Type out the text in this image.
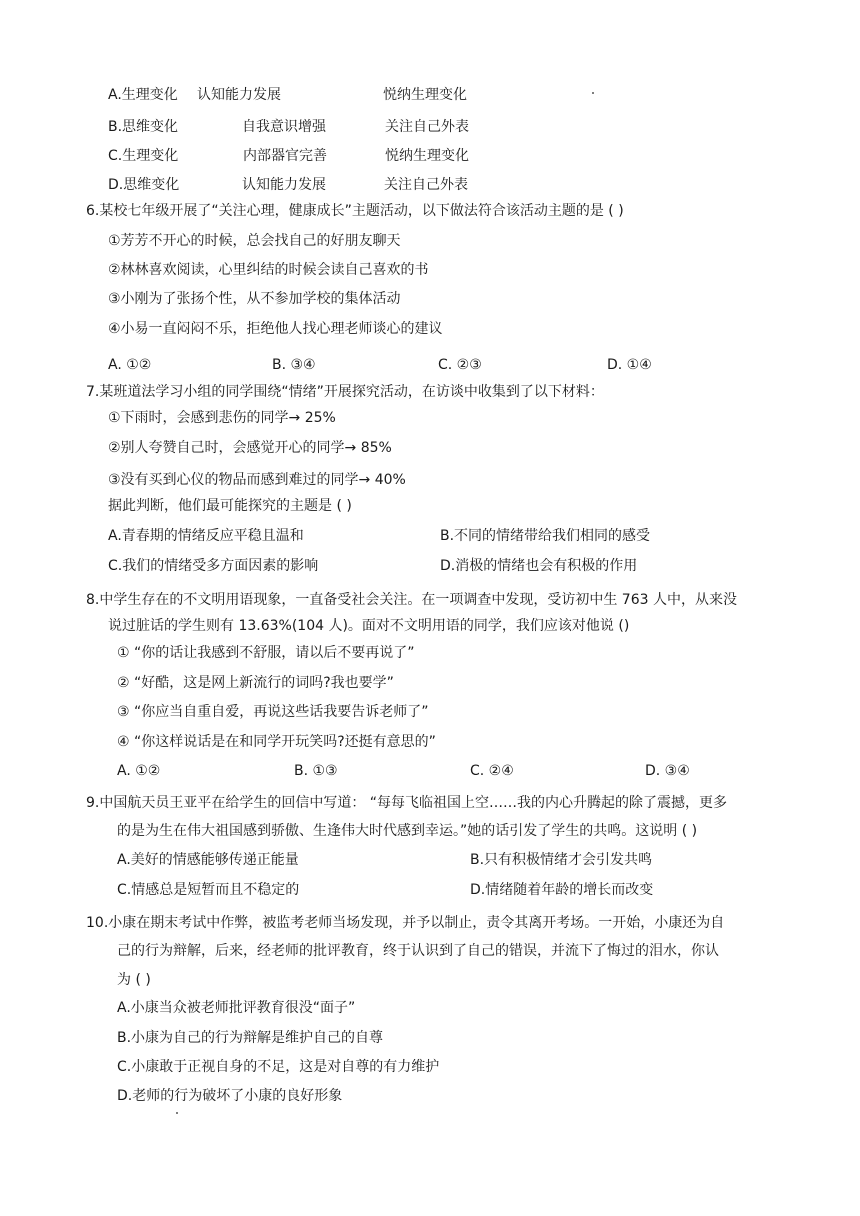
A.生理变化 认知能力发展	悦纳生理变化
B.思维变化	自我意识增强	关注自己外表
C.生理变化	内部器官完善	悦纳生理变化
D.思维变化	认知能力发展	关注自己外表
6.某校七年级开展了“关注心理，健康成长”主题活动，以下做法符合该活动主题的是 ( )
①芳芳不开心的时候，总会找自己的好朋友聊天
②林林喜欢阅读，心里纠结的时候会读自己喜欢的书
③小刚为了张扬个性，从不参加学校的集体活动
④小易一直闷闷不乐，拒绝他人找心理老师谈心的建议
A. ①②	B. ③④	C. ②③	D. ①④
7.某班道法学习小组的同学围绕“情绪”开展探究活动，在访谈中收集到了以下材料：
①下雨时，会感到悲伤的同学→ 25%
②别人夸赞自己时，会感觉开心的同学→ 85%
③没有买到心仪的物品而感到难过的同学→ 40%
据此判断，他们最可能探究的主题是 ( )
A.青春期的情绪反应平稳且温和	B.不同的情绪带给我们相同的感受
C.我们的情绪受多方面因素的影响	D.消极的情绪也会有积极的作用
8.中学生存在的不文明用语现象，一直备受社会关注。在一项调查中发现，受访初中生 763 人中，从来没
说过脏话的学生则有 13.63%(104 人)。面对不文明用语的同学，我们应该对他说 ()
① “你的话让我感到不舒服，请以后不要再说了”
② “好酷，这是网上新流行的词吗?我也要学”
③ “你应当自重自爱，再说这些话我要告诉老师了”
④ “你这样说话是在和同学开玩笑吗?还挺有意思的”
A. ①②	B. ①③	C. ②④	D. ③④
9.中国航天员王亚平在给学生的回信中写道： “每每飞临祖国上空……我的内心升腾起的除了震撼，更多
的是为生在伟大祖国感到骄傲、生逢伟大时代感到幸运。”她的话引发了学生的共鸣。这说明 ( )
A.美好的情感能够传递正能量	B.只有积极情绪才会引发共鸣
C.情感总是短暂而且不稳定的	D.情绪随着年龄的增长而改变
10.小康在期末考试中作弊，被监考老师当场发现，并予以制止，责令其离开考场。一开始，小康还为自
己的行为辩解，后来，经老师的批评教育，终于认识到了自己的错误，并流下了悔过的泪水，你认
为 ( )
A.小康当众被老师批评教育很没“面子”
B.小康为自己的行为辩解是维护自己的自尊
C.小康敢于正视自身的不足，这是对自尊的有力维护
D.老师的行为破坏了小康的良好形象
